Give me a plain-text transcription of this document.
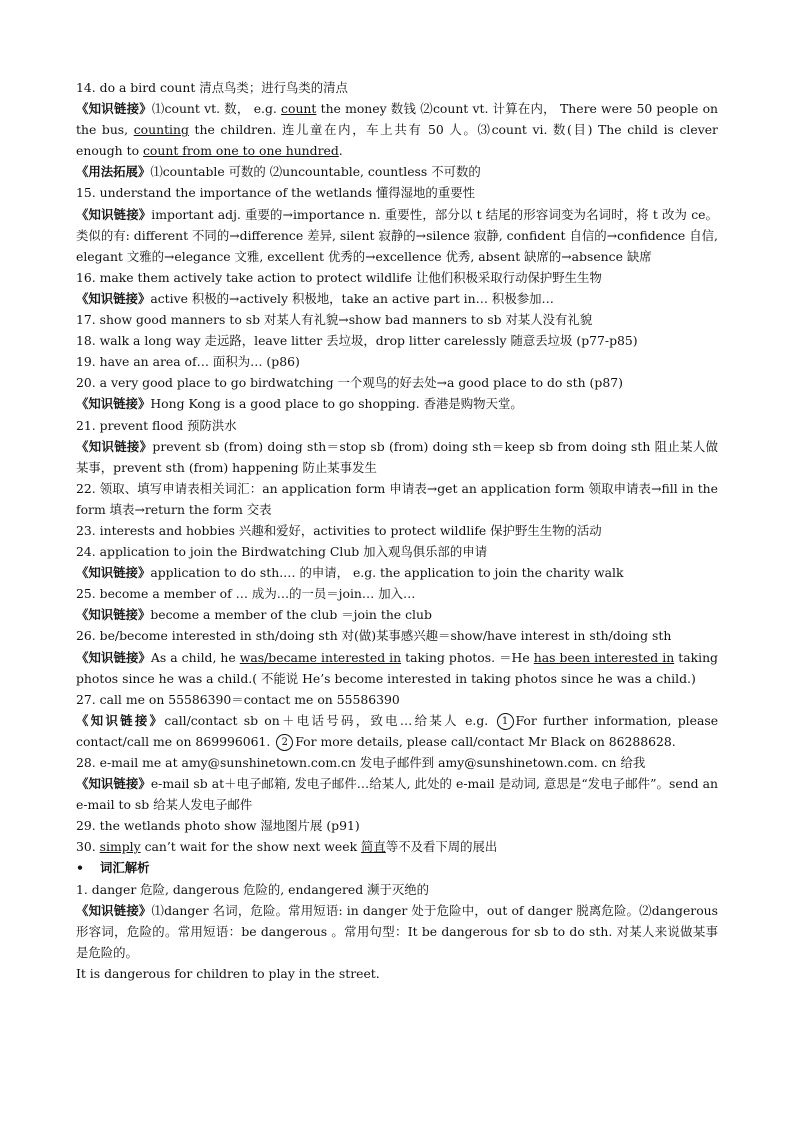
14. do a bird count 清点鸟类；进行鸟类的清点
《知识链接》⑴count vt. 数， e.g. count the money 数钱 ⑵count vt. 计算在内， There were 50 people on the bus, counting the children. 连儿童在内，车上共有 50 人。⑶count vi. 数(目) The child is clever enough to count from one to one hundred.
《用法拓展》⑴countable 可数的 ⑵uncountable, countless 不可数的
15. understand the importance of the wetlands 懂得湿地的重要性
《知识链接》important adj. 重要的→importance n. 重要性，部分以 t 结尾的形容词变为名词时，将 t 改为 ce。类似的有: different 不同的→difference 差异, silent 寂静的→silence 寂静, confident 自信的→confidence 自信, elegant 文雅的→elegance 文雅, excellent 优秀的→excellence 优秀, absent 缺席的→absence 缺席
16. make them actively take action to protect wildlife 让他们积极采取行动保护野生生物
《知识链接》active 积极的→actively 积极地，take an active part in… 积极参加…
17. show good manners to sb 对某人有礼貌→show bad manners to sb 对某人没有礼貌
18. walk a long way 走远路，leave litter 丢垃圾，drop litter carelessly 随意丢垃圾 (p77-p85)
19. have an area of… 面积为… (p86)
20. a very good place to go birdwatching 一个观鸟的好去处→a good place to do sth (p87)
《知识链接》Hong Kong is a good place to go shopping. 香港是购物天堂。
21. prevent flood 预防洪水
《知识链接》prevent sb (from) doing sth＝stop sb (from) doing sth＝keep sb from doing sth 阻止某人做某事，prevent sth (from) happening 防止某事发生
22. 领取、填写申请表相关词汇：an application form 申请表→get an application form 领取申请表→fill in the form 填表→return the form 交表
23. interests and hobbies 兴趣和爱好，activities to protect wildlife 保护野生生物的活动
24. application to join the Birdwatching Club 加入观鸟俱乐部的申请
《知识链接》application to do sth.… 的申请， e.g. the application to join the charity walk
25. become a member of … 成为…的一员＝join… 加入…
《知识链接》become a member of the club ＝join the club
26. be/become interested in sth/doing sth 对(做)某事感兴趣＝show/have interest in sth/doing sth
《知识链接》As a child, he was/became interested in taking photos. ＝He has been interested in taking photos since he was a child.( 不能说 He’s become interested in taking photos since he was a child.)
27. call me on 55586390＝contact me on 55586390
《知识链接》call/contact sb on＋电话号码，致电…给某人 e.g. 1 For further information, please contact/call me on 869996061. 2 For more details, please call/contact Mr Black on 86288628.
28. e-mail me at amy@sunshinetown.com.cn 发电子邮件到 amy@sunshinetown.com. cn 给我
《知识链接》e-mail sb at＋电子邮箱, 发电子邮件…给某人, 此处的 e-mail 是动词, 意思是“发电子邮件”。send an e-mail to sb 给某人发电子邮件
29. the wetlands photo show 湿地图片展 (p91)
30. simply can’t wait for the show next week 简直等不及看下周的展出
• 词汇解析
1. danger 危险, dangerous 危险的, endangered 濒于灭绝的
《知识链接》⑴danger 名词，危险。常用短语: in danger 处于危险中，out of danger 脱离危险。⑵dangerous 形容词，危险的。常用短语：be dangerous 。常用句型：It be dangerous for sb to do sth. 对某人来说做某事是危险的。
It is dangerous for children to play in the street.
